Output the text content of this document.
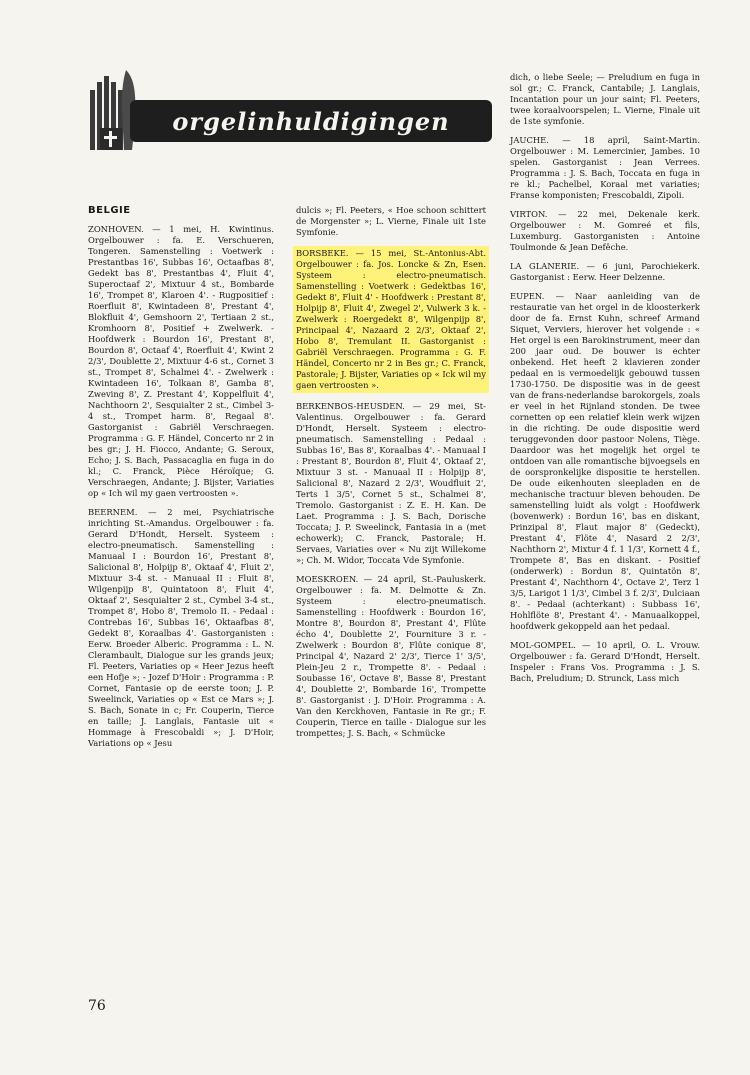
orgelinhuldigingen
BELGIE

ZONHOVEN. — 1 mei, H. Kwintinus. Orgelbouwer : fa. E. Verschueren, Tongeren. Samenstelling : Voetwerk : Prestantbas 16', Subbas 16', Octaafbas 8', Gedekt bas 8', Prestantbas 4', Fluit 4', Superoctaaf 2', Mixtuur 4 st., Bombarde 16', Trompet 8', Klaroen 4'. - Rugpositief : Roerfluit 8', Kwintadeen 8', Prestant 4', Blokfluit 4', Gemshoorn 2', Tertiaan 2 st., Kromhoorn 8', Positief + Zwelwerk. - Hoofdwerk : Bourdon 16', Prestant 8', Bourdon 8', Octaaf 4', Roerfluit 4', Kwint 2 2/3', Doublette 2', Mixtuur 4-6 st., Cornet 3 st., Trompet 8', Schalmei 4'. - Zwelwerk : Kwintadeen 16', Tolkaan 8', Gamba 8', Zweving 8', Z. Prestant 4', Koppelfluit 4', Nachthoorn 2', Sesquialter 2 st., Cimbel 3-4 st., Trompet harm. 8', Regaal 8'. Gastorganist : Gabriël Verschraegen. Programma : G. F. Händel, Concerto nr 2 in bes gr.; J. H. Fiocco, Andante; G. Seroux, Echo; J. S. Bach, Passacaglia en fuga in do kl.; C. Franck, Pièce Héroïque; G. Verschraegen, Andante; J. Bijster, Variaties op « Ich wil my gaen vertroosten ».

BEERNEM. — 2 mei, Psychiatrische inrichting St.-Amandus. Orgelbouwer : fa. Gerard D'Hondt, Herselt. Systeem : electro-pneumatisch. Samenstelling : Manuaal I : Bourdon 16', Prestant 8', Salicional 8', Holpijp 8', Oktaaf 4', Fluit 2', Mixtuur 3-4 st. - Manuaal II : Fluit 8', Wilgenpijp 8', Quintatoon 8', Fluit 4', Oktaaf 2', Sesquialter 2 st., Cymbel 3-4 st., Trompet 8', Hobo 8', Tremolo II. - Pedaal : Contrebas 16', Subbas 16', Oktaafbas 8', Gedekt 8', Koraalbas 4'. Gastorganisten : Eerw. Broeder Alberic. Programma : L. N. Clerambault, Dialogue sur les grands jeux; Fl. Peeters, Variaties op « Heer Jezus heeft een Hofje »; - Jozef D'Hoir : Programma : P. Cornet, Fantasie op de eerste toon; J. P. Sweelinck, Variaties op « Est ce Mars »; J. S. Bach, Sonate in c; Fr. Couperin, Tierce en taille; J. Langlais, Fantasie uit « Hommage à Frescobaldi »; J. D'Hoir, Variations op « Jesu

dulcis »; Fl. Peeters, « Hoe schoon schittert de Morgenster »; L. Vierne, Finale uit 1ste Symfonie.

BORSBEKE. — 15 mei, St.-Antonius-Abt. Orgelbouwer : fa. Jos. Loncke & Zn, Esen. Systeem : electro-pneumatisch. Samenstelling : Voetwerk : Gedektbas 16', Gedekt 8', Fluit 4' - Hoofdwerk : Prestant 8', Holpijp 8', Fluit 4', Zwegel 2', Vulwerk 3 k. - Zwelwerk : Roergedekt 8', Wilgenpijp 8', Principaal 4', Nazaard 2 2/3', Oktaaf 2', Hobo 8', Tremulant II. Gastorganist : Gabriël Verschraegen. Programma : G. F. Händel, Concerto nr 2 in Bes gr.; C. Franck, Pastorale; J. Bijster, Variaties op « Ick wil my gaen vertroosten ».

BERKENBOS-HEUSDEN. — 29 mei, St-Valentinus. Orgelbouwer : fa. Gerard D'Hondt, Herselt. Systeem : electro-pneumatisch. Samenstelling : Pedaal : Subbas 16', Bas 8', Koraalbas 4'. - Manuaal I : Prestant 8', Bourdon 8', Fluit 4', Oktaaf 2', Mixtuur 3 st. - Manuaal II : Holpijp 8', Salicional 8', Nazard 2 2/3', Woudfluit 2', Terts 1 3/5', Cornet 5 st., Schalmei 8', Tremolo. Gastorganist : Z. E. H. Kan. De Laet. Programma : J. S. Bach, Dorische Toccata; J. P. Sweelinck, Fantasia in a (met echowerk); C. Franck, Pastorale; H. Servaes, Variaties over « Nu zijt Willekome »; Ch. M. Widor, Toccata Vde Symfonie.

MOESKROEN. — 24 april, St.-Pauluskerk. Orgelbouwer : fa. M. Delmotte & Zn. Systeem : electro-pneumatisch. Samenstelling : Hoofdwerk : Bourdon 16', Montre 8', Bourdon 8', Prestant 4', Flûte écho 4', Doublette 2', Fourniture 3 r. - Zwelwerk : Bourdon 8', Flûte conique 8', Principal 4', Nazard 2' 2/3', Tierce 1' 3/5', Plein-Jeu 2 r., Trompette 8'. - Pedaal : Soubasse 16', Octave 8', Basse 8', Prestant 4', Doublette 2', Bombarde 16', Trompette 8'. Gastorganist : J. D'Hoir. Programma : A. Van den Kerckhoven, Fantasie in Re gr.; F. Couperin, Tierce en taille - Dialogue sur les trompettes; J. S. Bach, « Schmücke

dich, o liebe Seele; — Preludium en fuga in sol gr.; C. Franck, Cantabile; J. Langlais, Incantation pour un jour saint; Fl. Peeters, twee koraalvoorspelen; L. Vierne, Finale uit de 1ste symfonie.

JAUCHE. — 18 april, Saint-Martin. Orgelbouwer : M. Lemercinier, Jambes. 10 spelen. Gastorganist : Jean Verrees. Programma : J. S. Bach, Toccata en fuga in re kl.; Pachelbel, Koraal met variaties; Franse komponisten; Frescobaldi, Zipoli.

VIRTON. — 22 mei, Dekenale kerk. Orgelbouwer : M. Gomreé et fils, Luxemburg. Gastorganisten : Antoine Toulmonde & Jean Defêche.

LA GLANERIE. — 6 juni, Parochiekerk. Gastorganist : Eerw. Heer Delzenne.

EUPEN. — Naar aanleiding van de restauratie van het orgel in de kloosterkerk door de fa. Ernst Kuhn, schreef Armand Siquet, Verviers, hierover het volgende : « Het orgel is een Barokinstrument, meer dan 200 jaar oud. De bouwer is echter onbekend. Het heeft 2 klavieren zonder pedaal en is vermoedelijk gebouwd tussen 1730-1750. De dispositie was in de geest van de frans-nederlandse barokorgels, zoals er veel in het Rijnland stonden. De twee cornetten op een relatief klein werk wijzen in die richting. De oude dispositie werd teruggevonden door pastoor Nolens, Tiège. Daardoor was het mogelijk het orgel te ontdoen van alle romantische bijvoegsels en de oorspronkelijke dispositie te herstellen. De oude eikenhouten sleepladen en de mechanische tractuur bleven behouden. De samenstelling luidt als volgt : Hoofdwerk (bovenwerk) : Bordun 16', bas en diskant, Prinzipal 8', Flaut major 8' (Gedeckt), Prestant 4', Flöte 4', Nasard 2 2/3', Nachthorn 2', Mixtur 4 f. 1 1/3', Kornett 4 f., Trompete 8', Bas en diskant. - Positief (onderwerk) : Bordun 8', Quintatön 8', Prestant 4', Nachthorn 4', Octave 2', Terz 1 3/5, Larigot 1 1/3', Cimbel 3 f. 2/3', Dulciaan 8'. - Pedaal (achterkant) : Subbass 16', Hohlflöte 8', Prestant 4'. - Manuaalkoppel, hoofdwerk gekoppeld aan het pedaal.

MOL-GOMPEL. — 10 april, O. L. Vrouw. Orgelbouwer : fa. Gerard D'Hondt, Herselt. Inspeler : Frans Vos. Programma : J. S. Bach, Preludium; D. Strunck, Lass mich

76
